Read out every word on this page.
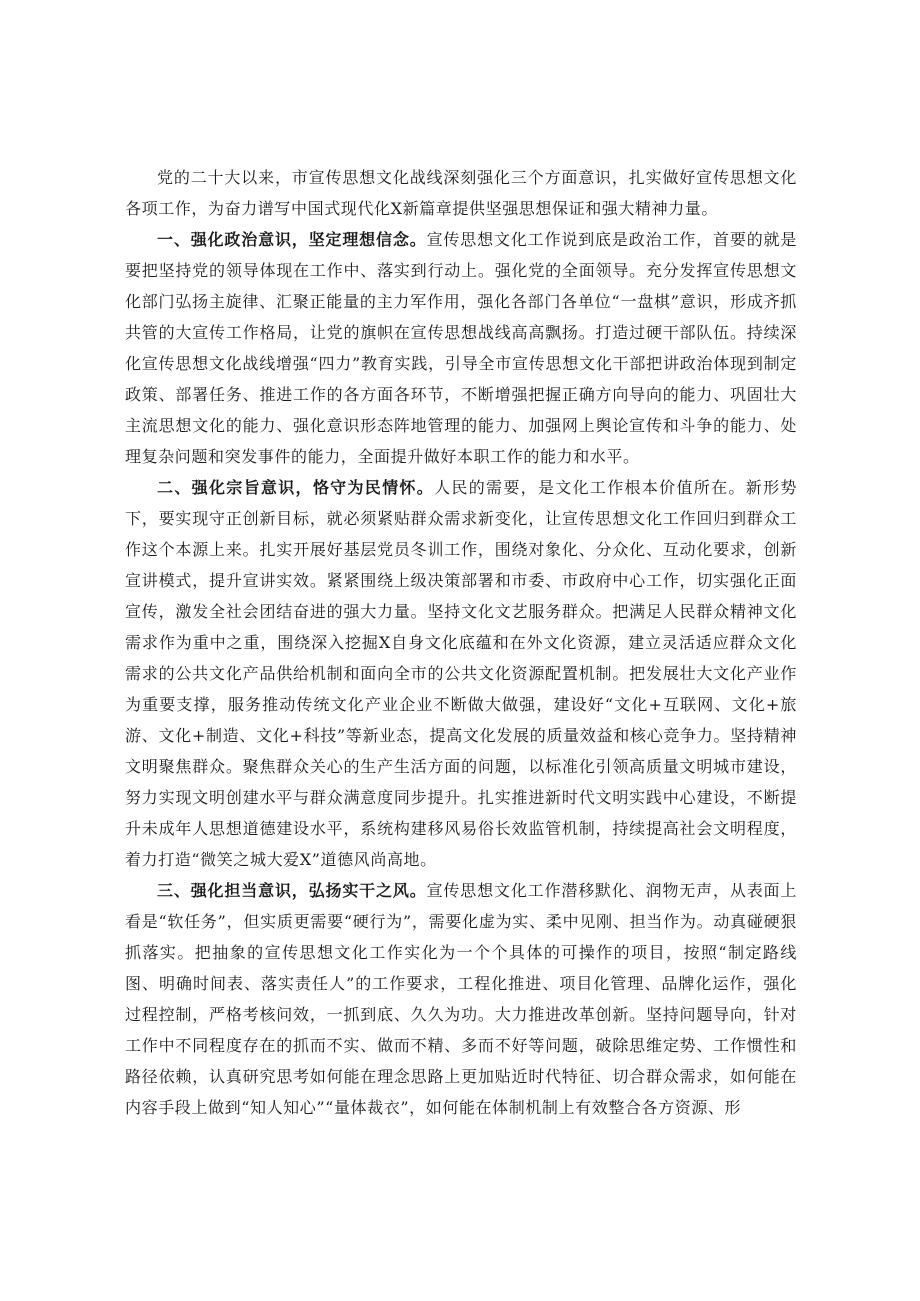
党的二十大以来，市宣传思想文化战线深刻强化三个方面意识，扎实做好宣传思想文化各项工作，为奋力谱写中国式现代化X新篇章提供坚强思想保证和强大精神力量。

一、强化政治意识，坚定理想信念。宣传思想文化工作说到底是政治工作，首要的就是要把坚持党的领导体现在工作中、落实到行动上。强化党的全面领导。充分发挥宣传思想文化部门弘扬主旋律、汇聚正能量的主力军作用，强化各部门各单位“一盘棋”意识，形成齐抓共管的大宣传工作格局，让党的旗帜在宣传思想战线高高飘扬。打造过硬干部队伍。持续深化宣传思想文化战线增强“四力”教育实践，引导全市宣传思想文化干部把讲政治体现到制定政策、部署任务、推进工作的各方面各环节，不断增强把握正确方向导向的能力、巩固壮大主流思想文化的能力、强化意识形态阵地管理的能力、加强网上舆论宣传和斗争的能力、处理复杂问题和突发事件的能力，全面提升做好本职工作的能力和水平。

二、强化宗旨意识，恪守为民情怀。人民的需要，是文化工作根本价值所在。新形势下，要实现守正创新目标，就必须紧贴群众需求新变化，让宣传思想文化工作回归到群众工作这个本源上来。扎实开展好基层党员冬训工作，围绕对象化、分众化、互动化要求，创新宣讲模式，提升宣讲实效。紧紧围绕上级决策部署和市委、市政府中心工作，切实强化正面宣传，激发全社会团结奋进的强大力量。坚持文化文艺服务群众。把满足人民群众精神文化需求作为重中之重，围绕深入挖掘X自身文化底蕴和在外文化资源，建立灵活适应群众文化需求的公共文化产品供给机制和面向全市的公共文化资源配置机制。把发展壮大文化产业作为重要支撑，服务推动传统文化产业企业不断做大做强，建设好“文化+互联网、文化+旅游、文化+制造、文化+科技”等新业态，提高文化发展的质量效益和核心竞争力。坚持精神文明聚焦群众。聚焦群众关心的生产生活方面的问题，以标准化引领高质量文明城市建设，努力实现文明创建水平与群众满意度同步提升。扎实推进新时代文明实践中心建设，不断提升未成年人思想道德建设水平，系统构建移风易俗长效监管机制，持续提高社会文明程度，着力打造“微笑之城大爱X”道德风尚高地。

三、强化担当意识，弘扬实干之风。宣传思想文化工作潜移默化、润物无声，从表面上看是“软任务”，但实质更需要“硬行为”，需要化虚为实、柔中见刚、担当作为。动真碰硬狠抓落实。把抽象的宣传思想文化工作实化为一个个具体的可操作的项目，按照“制定路线图、明确时间表、落实责任人”的工作要求，工程化推进、项目化管理、品牌化运作，强化过程控制，严格考核问效，一抓到底、久久为功。大力推进改革创新。坚持问题导向，针对工作中不同程度存在的抓而不实、做而不精、多而不好等问题，破除思维定势、工作惯性和路径依赖，认真研究思考如何能在理念思路上更加贴近时代特征、切合群众需求，如何能在内容手段上做到“知人知心”“量体裁衣”，如何能在体制机制上有效整合各方资源、形
